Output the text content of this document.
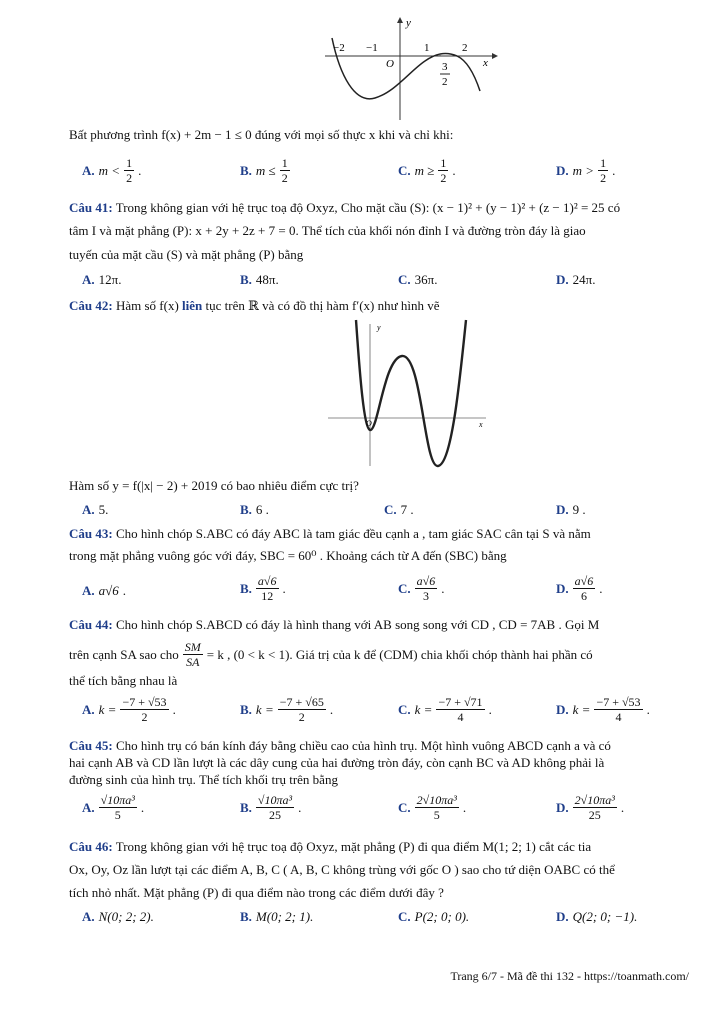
y
x
O
−2 −1	1	2
3
2
Bất phương trình f(x) + 2m − 1 ≤ 0 đúng với mọi số thực x khi và chỉ khi:
A. $m < \frac{1}{2}$ .	B. $m \le \frac{1}{2}$	C. $m \ge \frac{1}{2}$ .	D. $m > \frac{1}{2}$ .
Câu 41: Trong không gian với hệ trục toạ độ Oxyz, Cho mặt cầu (S): (x − 1)² + (y − 1)² + (z − 1)² = 25 có
tâm I và mặt phẳng (P): x + 2y + 2z + 7 = 0. Thể tích của khối nón đỉnh I và đường tròn đáy là giao
tuyến của mặt cầu (S) và mặt phẳng (P) bằng
A. 12π.	B. 48π.	C. 36π.	D. 24π.
Câu 42: Hàm số f(x) liên tục trên ℝ và có đồ thị hàm f′(x) như hình vẽ
y
x
O
Hàm số y = f(|x| − 2) + 2019 có bao nhiêu điểm cực trị?
A. 5.	B. 6 .	C. 7 .	D. 9 .
Câu 43: Cho hình chóp S.ABC có đáy ABC là tam giác đều cạnh a , tam giác SAC cân tại S và nằm
trong mặt phẳng vuông góc với đáy, SBC = 60⁰ . Khoảng cách từ A đến (SBC) bằng
A. a√6 .	B. $\frac{a√6}{12}$ .	C. $\frac{a√6}{3}$ .	D. $\frac{a√6}{6}$ .
Câu 44: Cho hình chóp S.ABCD có đáy là hình thang với AB song song với CD , CD = 7AB . Gọi M
trên cạnh SA sao cho $\frac{SM}{SA} = k$ , (0 < k < 1). Giá trị của k để (CDM) chia khối chóp thành hai phần có
thể tích bằng nhau là
A. $k = \frac{-7 + √53}{2}$ .	B. $k = \frac{-7 + √65}{2}$ .	C. $k = \frac{-7 + √71}{4}$ .	D. $k = \frac{-7 + √53}{4}$ .
Câu 45: Cho hình trụ có bán kính đáy bằng chiều cao của hình trụ. Một hình vuông ABCD cạnh a và có
hai cạnh AB và CD lần lượt là các dây cung của hai đường tròn đáy, còn cạnh BC và AD không phải là
đường sinh của hình trụ. Thể tích khối trụ trên bằng
A. $\frac{\text{√10πa³}}{5}$ .	B. $\frac{\text{√10πa³}}{25}$ .	C. $\frac{\text{2√10πa³}}{5}$ .	D. $\frac{\text{2√10πa³}}{25}$ .
Câu 46: Trong không gian với hệ trục toạ độ Oxyz, mặt phẳng (P) đi qua điểm M(1; 2; 1) cắt các tia
Ox, Oy, Oz lần lượt tại các điểm A, B, C ( A, B, C không trùng với gốc O ) sao cho tứ diện OABC có thể
tích nhỏ nhất. Mặt phẳng (P) đi qua điểm nào trong các điểm dưới đây ?
A. N(0; 2; 2).	B. M(0; 2; 1).	C. P(2; 0; 0).	D. Q(2; 0; −1).
Trang 6/7 - Mã đề thi 132 - https://toanmath.com/
